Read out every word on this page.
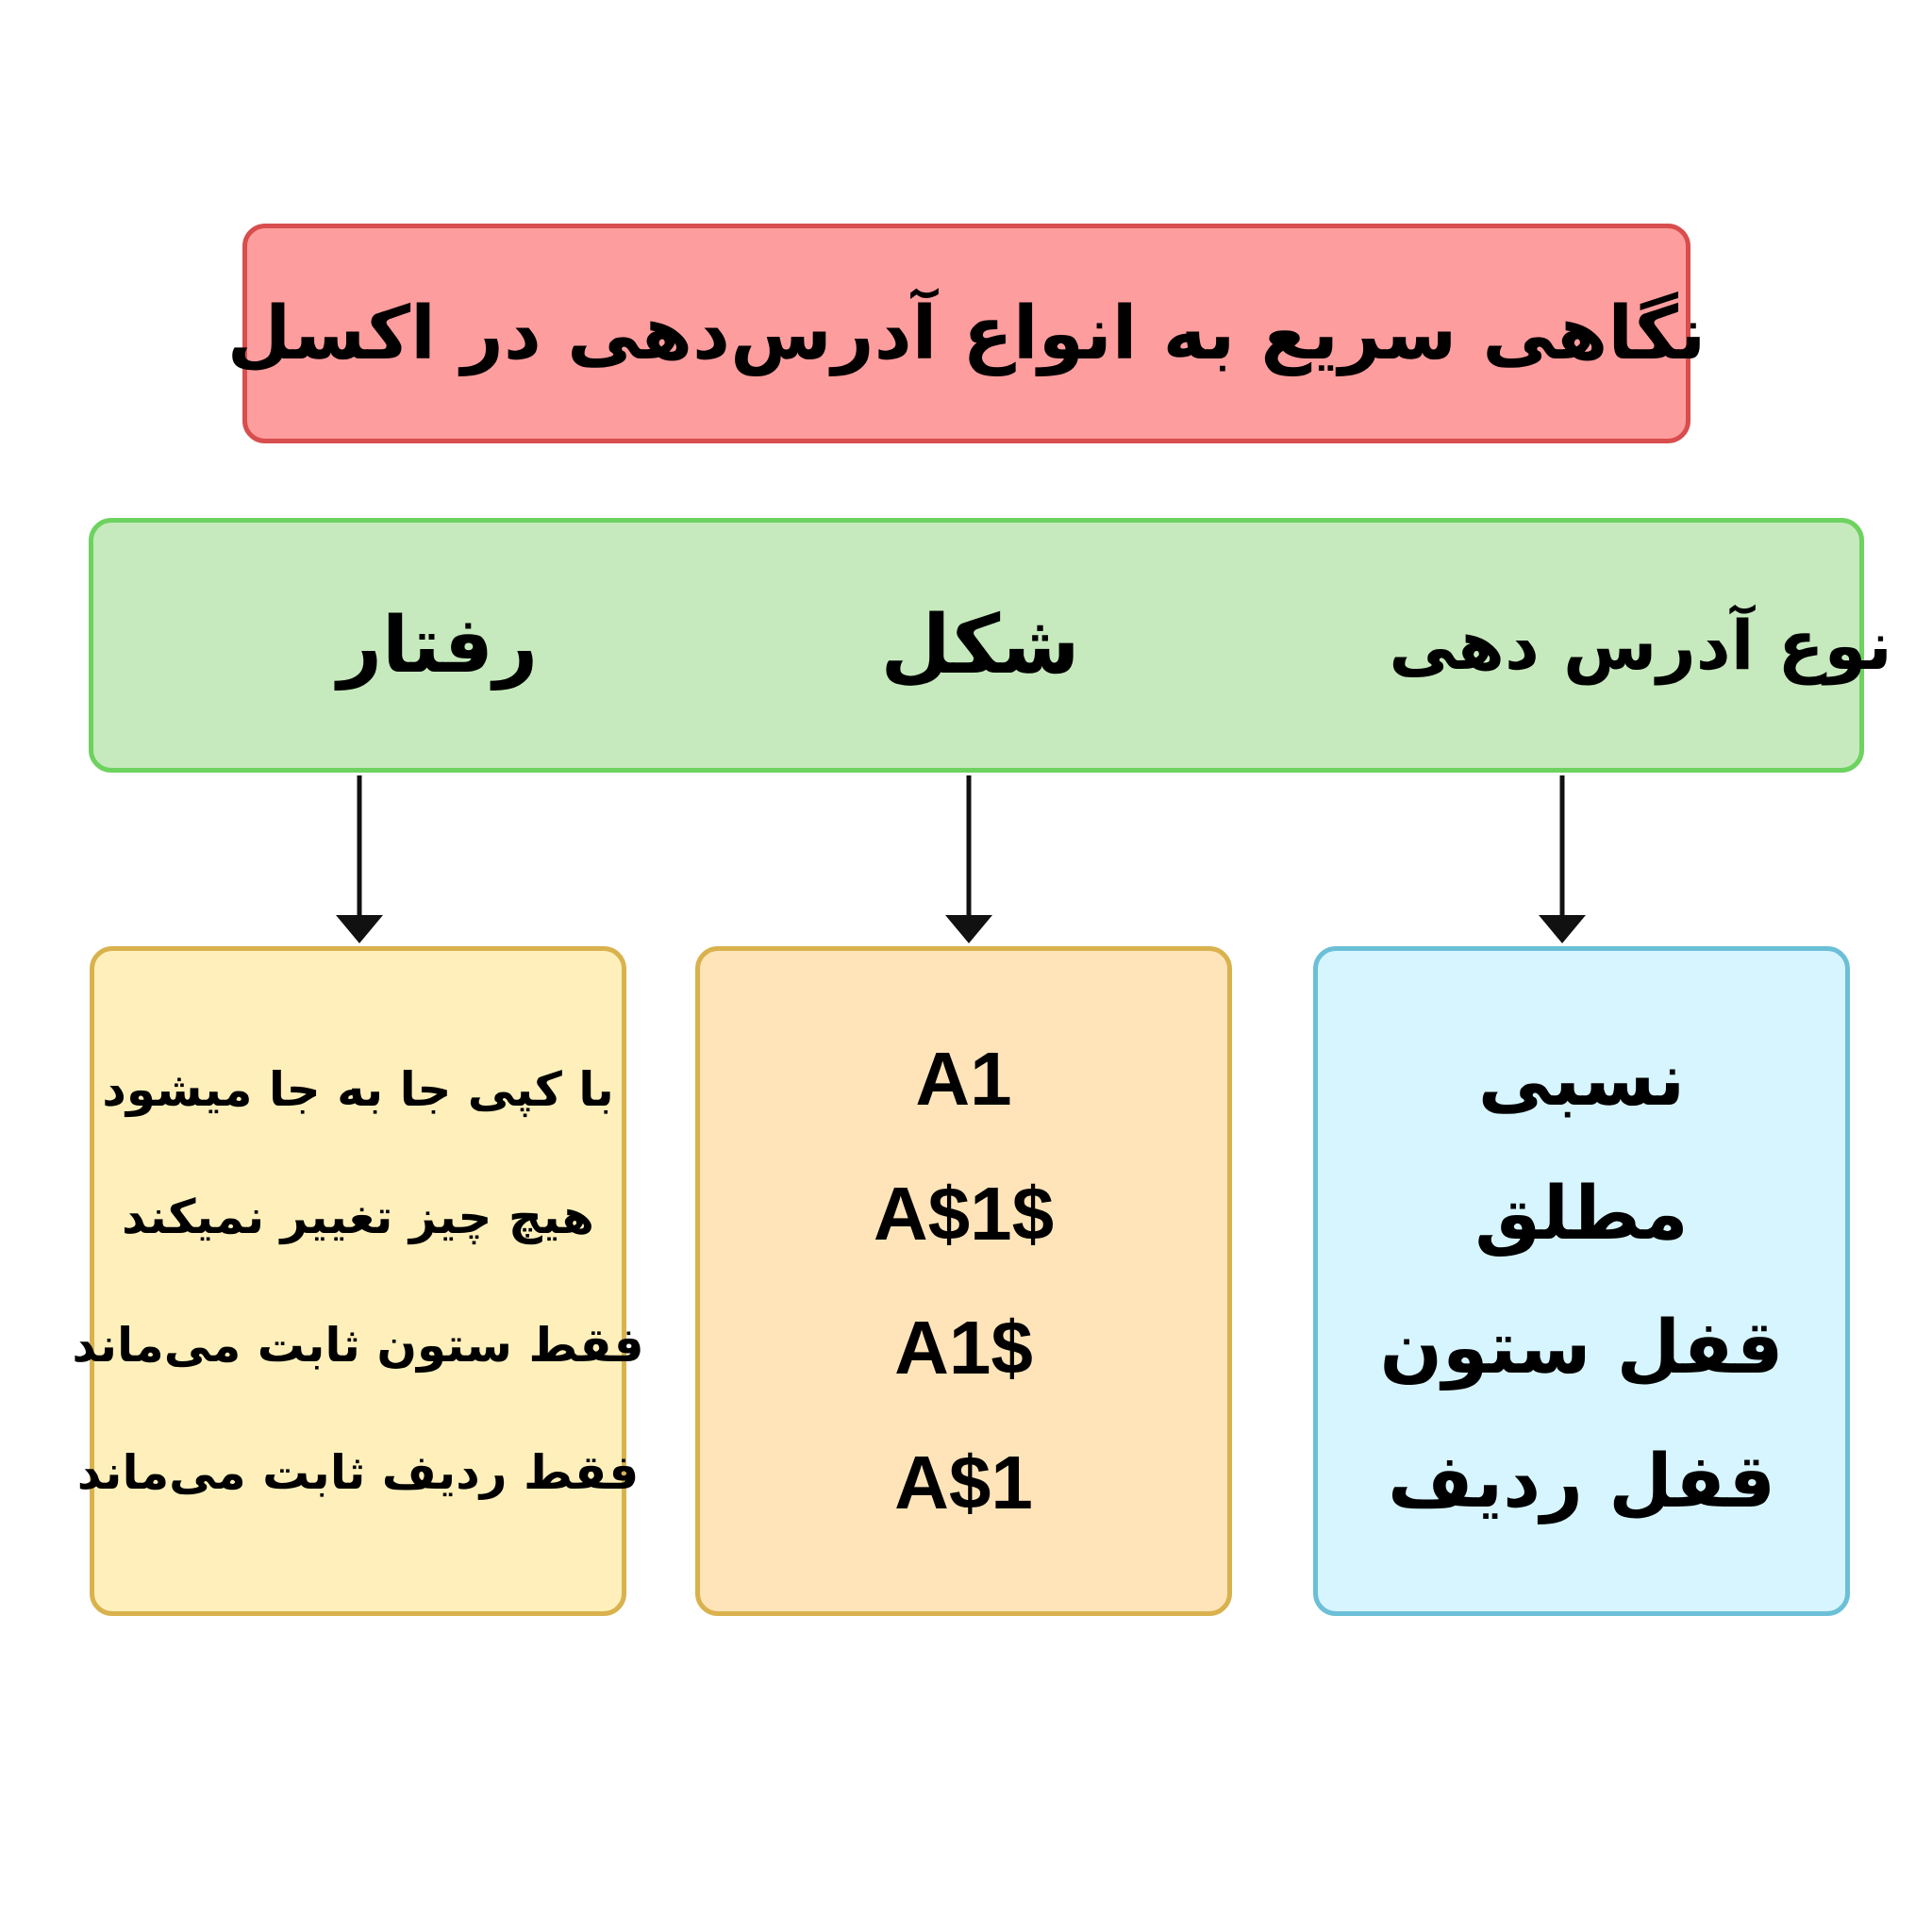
نگاهی سریع به انواع آدرس‌دهی در اکسل
نوع آدرس دهی
شکل
رفتار
نسبی
مطلق
قفل ستون
قفل ردیف
A1
A$1$
A1$
A$1
با کپی جا به جا میشود
هیچ چیز تغییر نمیکند
فقط ستون ثابت می‌ماند
فقط ردیف ثابت می‌ماند
